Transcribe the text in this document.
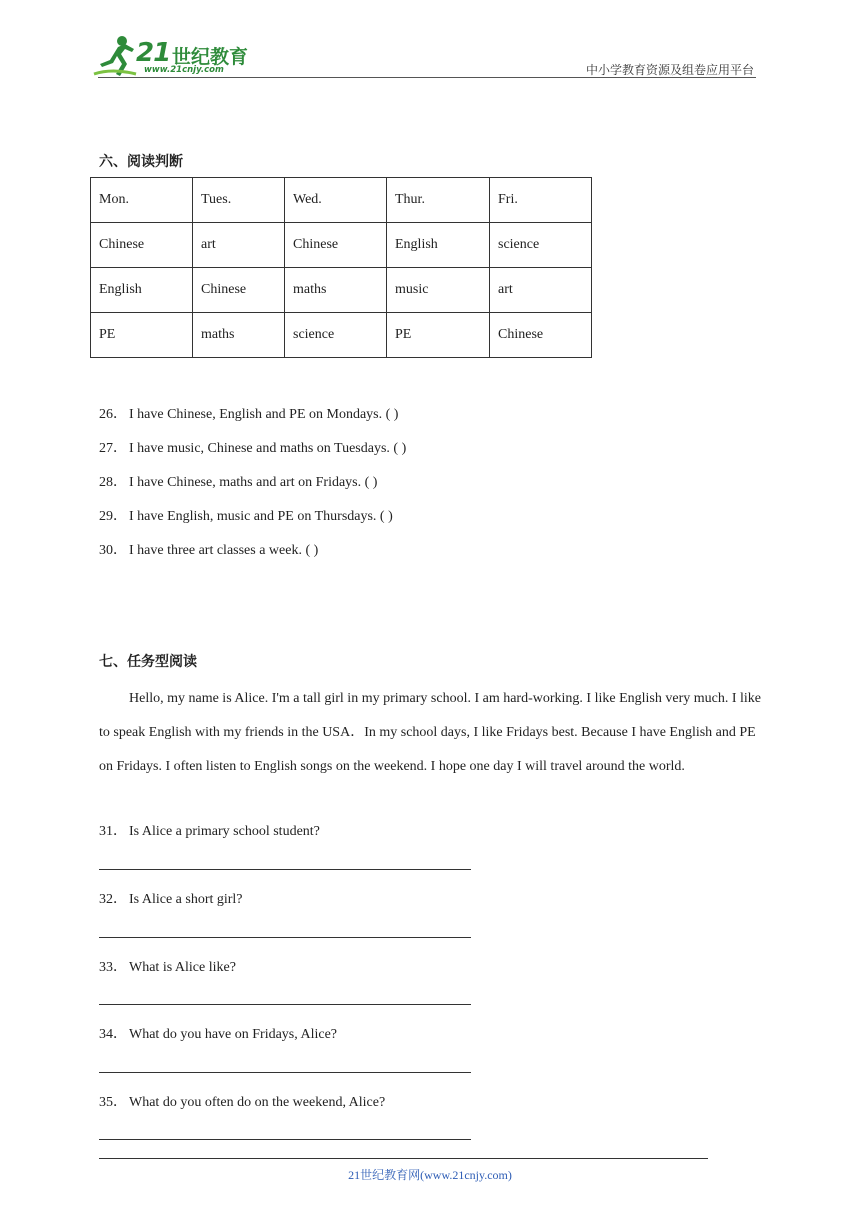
21 世纪教育
www.21cnjy.com	中小学教育资源及组卷应用平台
六、阅读判断
Mon.	Tues.	Wed.	Thur.	Fri.
Chinese	art	Chinese	English	science
English	Chinese	maths	music	art
PE	maths	science	PE	Chinese
26． I have Chinese, English and PE on Mondays. ( )
27． I have music, Chinese and maths on Tuesdays. ( )
28． I have Chinese, maths and art on Fridays. ( )
29． I have English, music and PE on Thursdays. ( )
30． I have three art classes a week. ( )
七、任务型阅读
Hello, my name is Alice. I'm a tall girl in my primary school. I am hard-working. I like English very much. I like to speak English with my friends in the USA．In my school days, I like Fridays best. Because I have English and PE on Fridays. I often listen to English songs on the weekend. I hope one day I will travel around the world.
31． Is Alice a primary school student?
32． Is Alice a short girl?
33． What is Alice like?
34． What do you have on Fridays, Alice?
35． What do you often do on the weekend, Alice?
21世纪教育网(www.21cnjy.com)
